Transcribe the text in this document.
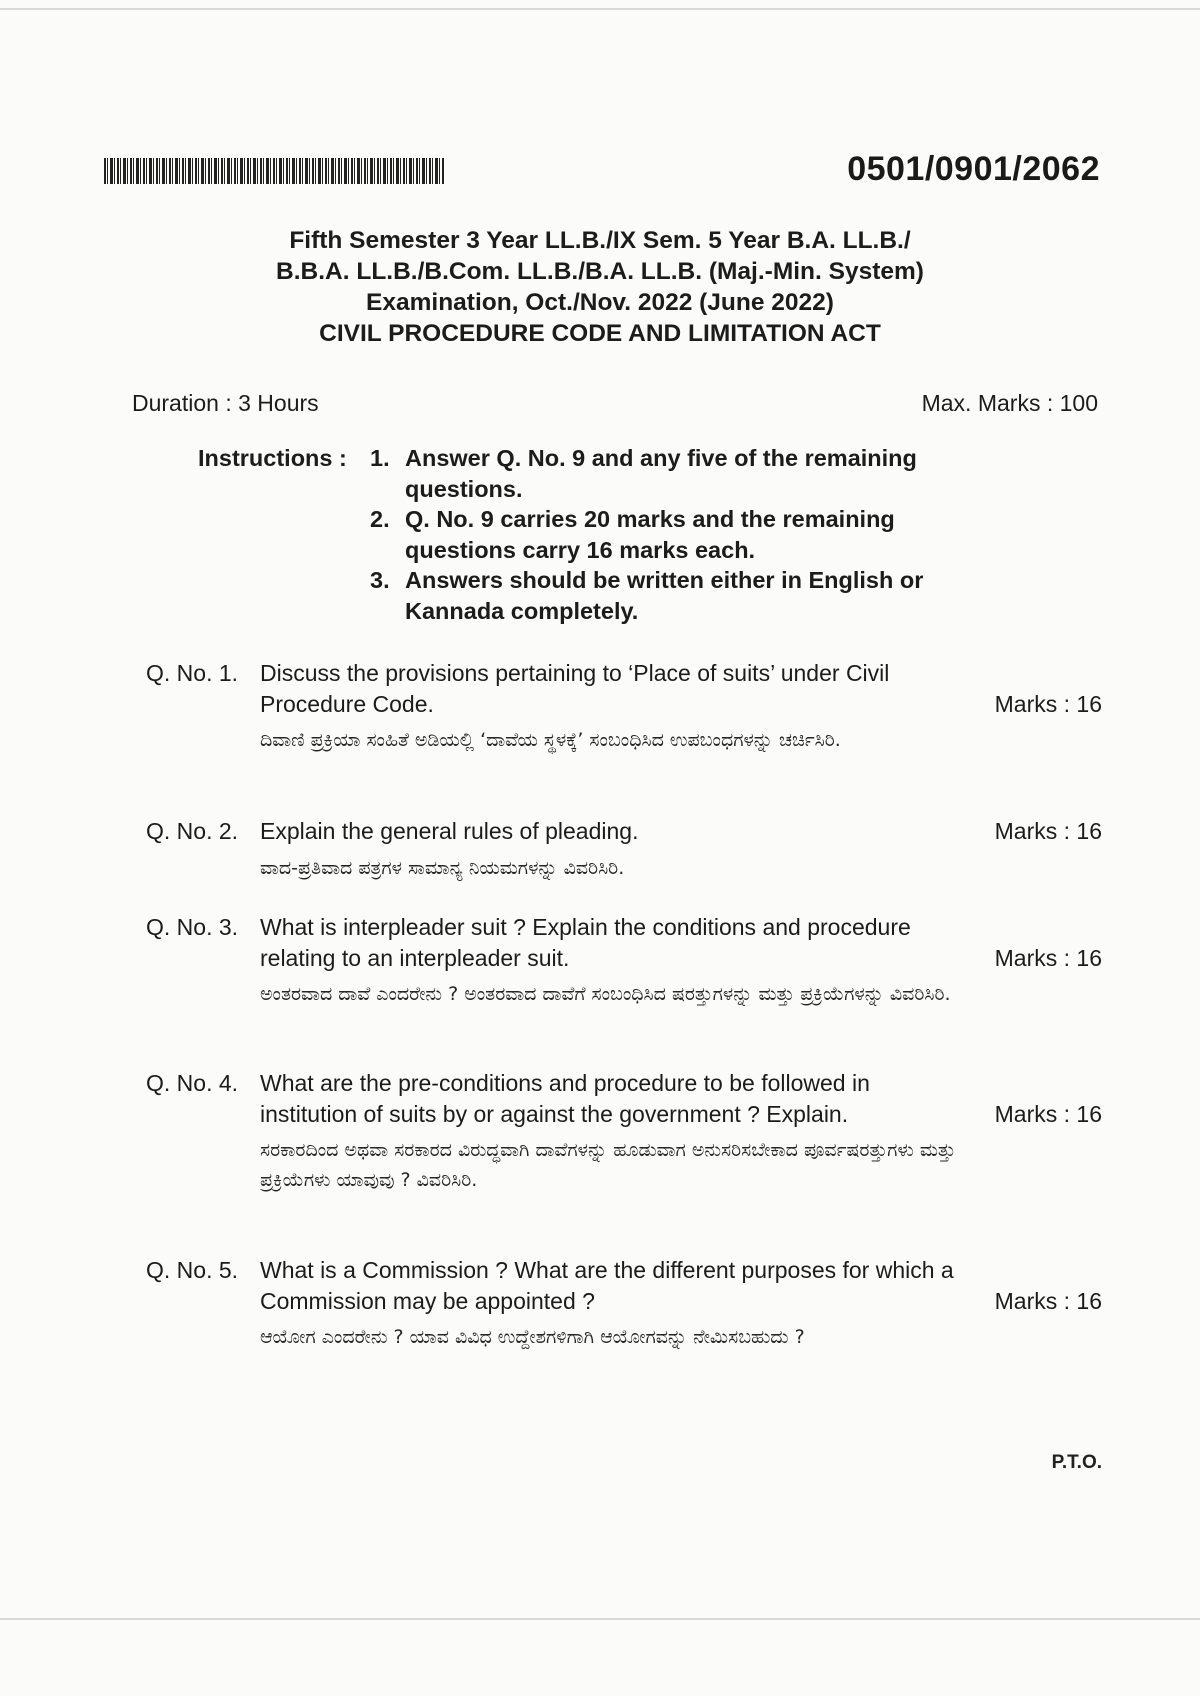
0501/0901/2062
Fifth Semester 3 Year LL.B./IX Sem. 5 Year B.A. LL.B./
B.B.A. LL.B./B.Com. LL.B./B.A. LL.B. (Maj.-Min. System)
Examination, Oct./Nov. 2022 (June 2022)
CIVIL PROCEDURE CODE AND LIMITATION ACT
Duration : 3 Hours	Max. Marks : 100
Instructions : 1. Answer Q. No. 9 and any five of the remaining questions.
2. Q. No. 9 carries 20 marks and the remaining questions carry 16 marks each.
3. Answers should be written either in English or Kannada completely.
Q. No. 1. Discuss the provisions pertaining to ‘Place of suits’ under Civil Procedure Code.
ದಿವಾಣಿ ಪ್ರಕ್ರಿಯಾ ಸಂಹಿತೆ ಅಡಿಯಲ್ಲಿ ‘ದಾವೆಯ ಸ್ಥಳಕ್ಕೆ’ ಸಂಬಂಧಿಸಿದ ಉಪಬಂಧಗಳನ್ನು ಚರ್ಚಿಸಿರಿ.
Marks : 16
Q. No. 2. Explain the general rules of pleading.
ವಾದ-ಪ್ರತಿವಾದ ಪತ್ರಗಳ ಸಾಮಾನ್ಯ ನಿಯಮಗಳನ್ನು ವಿವರಿಸಿರಿ.
Marks : 16
Q. No. 3. What is interpleader suit ? Explain the conditions and procedure relating to an interpleader suit.
ಅಂತರವಾದ ದಾವೆ ಎಂದರೇನು ? ಅಂತರವಾದ ದಾವೆಗೆ ಸಂಬಂಧಿಸಿದ ಷರತ್ತುಗಳನ್ನು ಮತ್ತು ಪ್ರಕ್ರಿಯೆಗಳನ್ನು ವಿವರಿಸಿರಿ.
Marks : 16
Q. No. 4. What are the pre-conditions and procedure to be followed in institution of suits by or against the government ? Explain.
ಸರಕಾರದಿಂದ ಅಥವಾ ಸರಕಾರದ ವಿರುದ್ಧವಾಗಿ ದಾವೆಗಳನ್ನು ಹೂಡುವಾಗ ಅನುಸರಿಸಬೇಕಾದ ಪೂರ್ವಷರತ್ತುಗಳು ಮತ್ತು ಪ್ರಕ್ರಿಯೆಗಳು ಯಾವುವು ? ವಿವರಿಸಿರಿ.
Marks : 16
Q. No. 5. What is a Commission ? What are the different purposes for which a Commission may be appointed ?
ಆಯೋಗ ಎಂದರೇನು ? ಯಾವ ವಿವಿಧ ಉದ್ದೇಶಗಳಿಗಾಗಿ ಆಯೋಗವನ್ನು ನೇಮಿಸಬಹುದು ?
Marks : 16
P.T.O.
